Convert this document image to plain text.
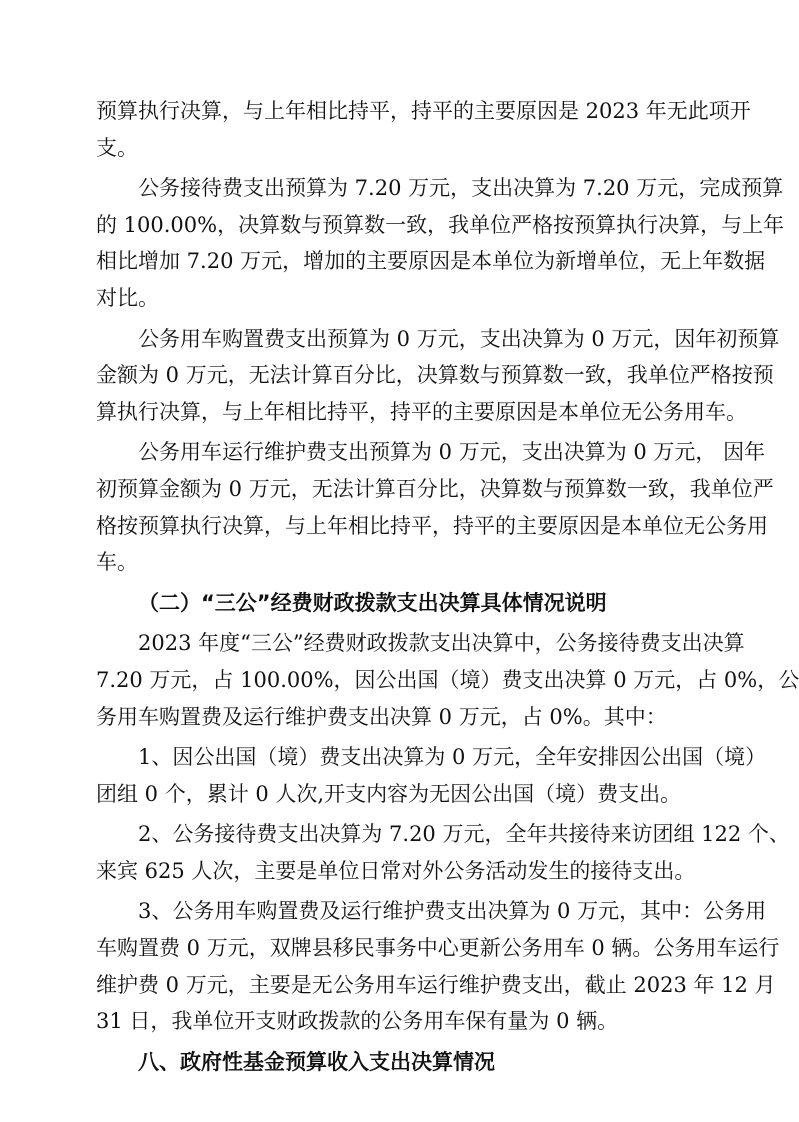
预算执行决算，与上年相比持平，持平的主要原因是 2023 年无此项开
支。

公务接待费支出预算为 7.20 万元，支出决算为 7.20 万元，完成预算
的 100.00%，决算数与预算数一致，我单位严格按预算执行决算，与上年
相比增加 7.20 万元，增加的主要原因是本单位为新增单位，无上年数据
对比。

公务用车购置费支出预算为 0 万元，支出决算为 0 万元，因年初预算
金额为 0 万元，无法计算百分比，决算数与预算数一致，我单位严格按预
算执行决算，与上年相比持平，持平的主要原因是本单位无公务用车。

公务用车运行维护费支出预算为 0 万元，支出决算为 0 万元， 因年
初预算金额为 0 万元，无法计算百分比，决算数与预算数一致，我单位严
格按预算执行决算，与上年相比持平，持平的主要原因是本单位无公务用
车。

（二）“三公”经费财政拨款支出决算具体情况说明

2023 年度“三公”经费财政拨款支出决算中，公务接待费支出决算
7.20 万元，占 100.00%，因公出国（境）费支出决算 0 万元，占 0%，公
务用车购置费及运行维护费支出决算 0 万元，占 0%。其中：

1、因公出国（境）费支出决算为 0 万元，全年安排因公出国（境）
团组 0 个，累计 0 人次,开支内容为无因公出国（境）费支出。

2、公务接待费支出决算为 7.20 万元，全年共接待来访团组 122 个、
来宾 625 人次，主要是单位日常对外公务活动发生的接待支出。

3、公务用车购置费及运行维护费支出决算为 0 万元，其中：公务用
车购置费 0 万元，双牌县移民事务中心更新公务用车 0 辆。公务用车运行
维护费 0 万元，主要是无公务用车运行维护费支出，截止 2023 年 12 月
31 日，我单位开支财政拨款的公务用车保有量为 0 辆。

八、政府性基金预算收入支出决算情况
